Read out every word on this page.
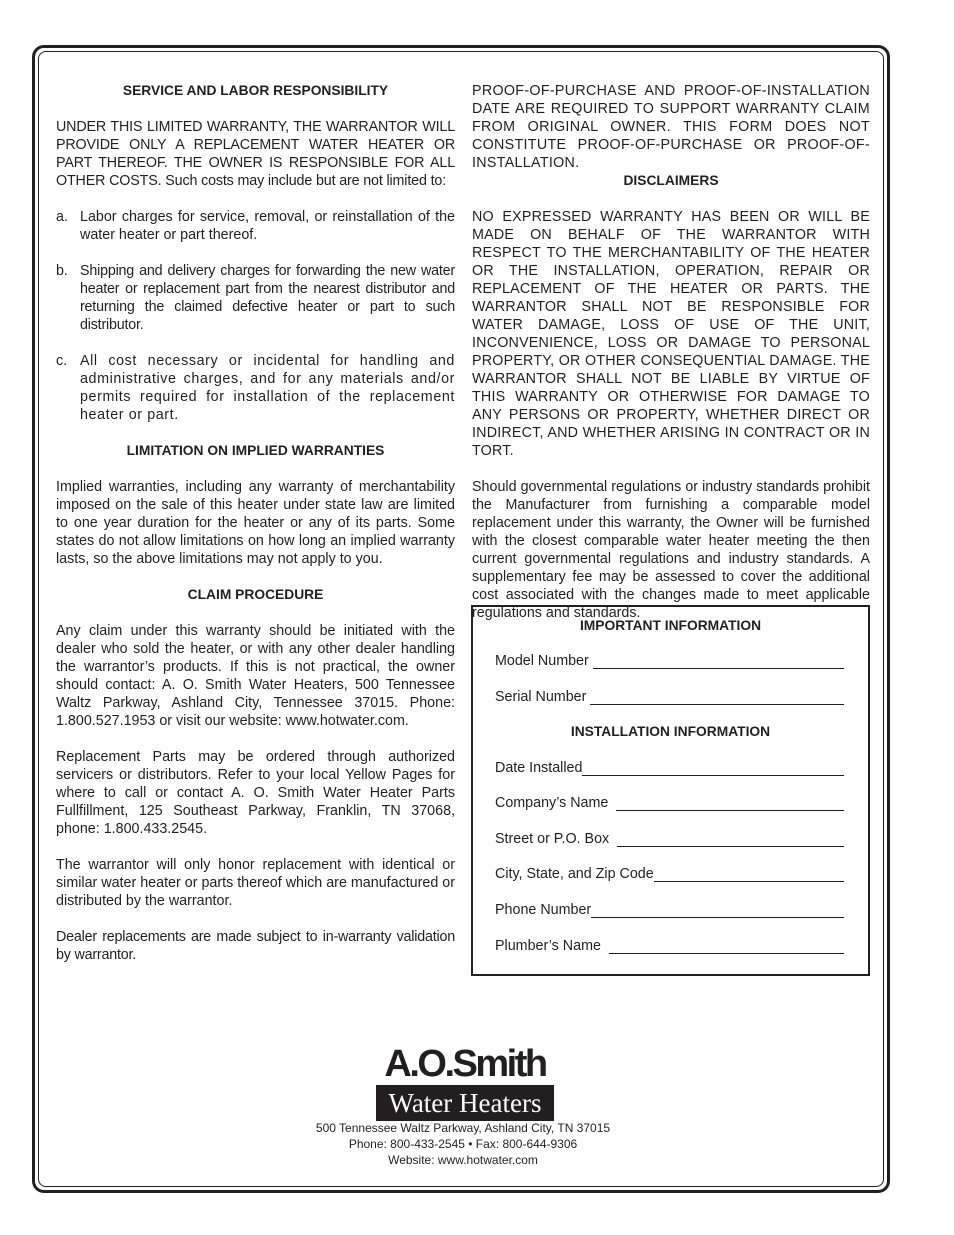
SERVICE AND LABOR RESPONSIBILITY
UNDER THIS LIMITED WARRANTY, THE WARRANTOR WILL PROVIDE ONLY A REPLACEMENT WATER HEATER OR PART THEREOF. THE OWNER IS RESPONSIBLE FOR ALL OTHER COSTS. Such costs may include but are not limited to:
a. Labor charges for service, removal, or reinstallation of the water heater or part thereof.
b. Shipping and delivery charges for forwarding the new water heater or replacement part from the nearest distributor and returning the claimed defective heater or part to such distributor.
c. All cost necessary or incidental for handling and administrative charges, and for any materials and/or permits required for installation of the replacement heater or part.
LIMITATION ON IMPLIED WARRANTIES
Implied warranties, including any warranty of merchantability imposed on the sale of this heater under state law are limited to one year duration for the heater or any of its parts. Some states do not allow limitations on how long an implied warranty lasts, so the above limitations may not apply to you.
CLAIM PROCEDURE
Any claim under this warranty should be initiated with the dealer who sold the heater, or with any other dealer handling the warrantor’s products. If this is not practical, the owner should contact: A. O. Smith Water Heaters, 500 Tennessee Waltz Parkway, Ashland City, Tennessee 37015. Phone: 1.800.527.1953 or visit our website: www.hotwater.com.
Replacement Parts may be ordered through authorized servicers or distributors. Refer to your local Yellow Pages for where to call or contact A. O. Smith Water Heater Parts Fullfillment, 125 Southeast Parkway, Franklin, TN 37068, phone: 1.800.433.2545.
The warrantor will only honor replacement with identical or similar water heater or parts thereof which are manufactured or distributed by the warrantor.
Dealer replacements are made subject to in-warranty validation by warrantor.
PROOF-OF-PURCHASE AND PROOF-OF-INSTALLATION DATE ARE REQUIRED TO SUPPORT WARRANTY CLAIM FROM ORIGINAL OWNER. THIS FORM DOES NOT CONSTITUTE PROOF-OF-PURCHASE OR PROOF-OF-INSTALLATION.
DISCLAIMERS
NO EXPRESSED WARRANTY HAS BEEN OR WILL BE MADE ON BEHALF OF THE WARRANTOR WITH RESPECT TO THE MERCHANTABILITY OF THE HEATER OR THE INSTALLATION, OPERATION, REPAIR OR REPLACEMENT OF THE HEATER OR PARTS. THE WARRANTOR SHALL NOT BE RESPONSIBLE FOR WATER DAMAGE, LOSS OF USE OF THE UNIT, INCONVENIENCE, LOSS OR DAMAGE TO PERSONAL PROPERTY, OR OTHER CONSEQUENTIAL DAMAGE. THE WARRANTOR SHALL NOT BE LIABLE BY VIRTUE OF THIS WARRANTY OR OTHERWISE FOR DAMAGE TO ANY PERSONS OR PROPERTY, WHETHER DIRECT OR INDIRECT, AND WHETHER ARISING IN CONTRACT OR IN TORT.
Should governmental regulations or industry standards prohibit the Manufacturer from furnishing a comparable model replacement under this warranty, the Owner will be furnished with the closest comparable water heater meeting the then current governmental regulations and industry standards. A supplementary fee may be assessed to cover the additional cost associated with the changes made to meet applicable regulations and standards.
IMPORTANT INFORMATION
Model Number
Serial Number
INSTALLATION INFORMATION
Date Installed
Company’s Name
Street or P.O. Box
City, State, and Zip Code
Phone Number
Plumber’s Name
A.O.Smith
Water Heaters
500 Tennessee Waltz Parkway, Ashland City, TN 37015
Phone: 800-433-2545 • Fax: 800-644-9306
Website: www.hotwater.com
